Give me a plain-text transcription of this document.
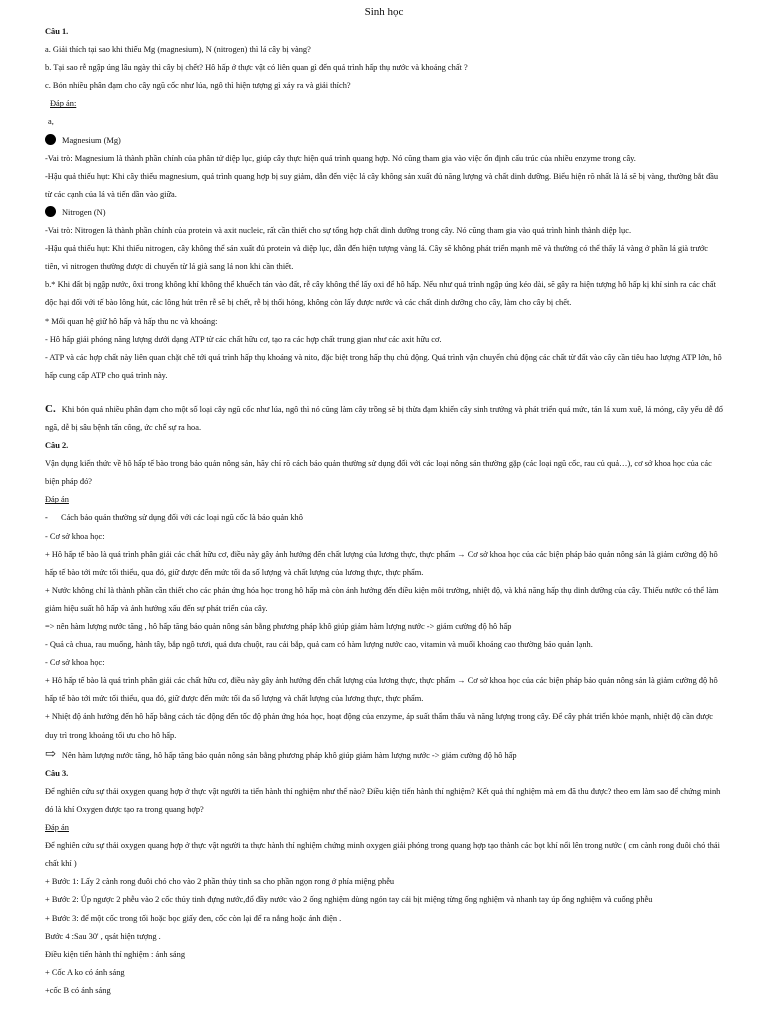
Sinh học
Câu 1.
a. Giải thích tại sao khi thiếu Mg (magnesium), N (nitrogen) thì lá cây bị vàng?
b. Tại sao rễ ngập úng lâu ngày thì cây bị chết? Hô hấp ở thực vật có liên quan gì đến quá trình hấp thụ nước và khoáng chất ?
c. Bón nhiều phân đạm cho cây ngũ cốc như lúa, ngô thì hiện tượng gì xảy ra và giải thích?
Đáp án:
a,
Magnesium (Mg)
-Vai trò: Magnesium là thành phần chính của phân tử diệp lục, giúp cây thực hiện quá trình quang hợp. Nó cũng tham gia vào việc ổn định cấu trúc của nhiều enzyme trong cây.
-Hậu quả thiếu hụt: Khi cây thiếu magnesium, quá trình quang hợp bị suy giảm, dẫn đến việc lá cây không sản xuất đủ năng lượng và chất dinh dưỡng. Biểu hiện rõ nhất là lá sẽ bị vàng, thường bắt đầu từ các cạnh của lá và tiến dần vào giữa.
Nitrogen (N)
-Vai trò: Nitrogen là thành phần chính của protein và axit nucleic, rất cần thiết cho sự tổng hợp chất dinh dưỡng trong cây. Nó cũng tham gia vào quá trình hình thành diệp lục.
-Hậu quả thiếu hụt: Khi thiếu nitrogen, cây không thể sản xuất đủ protein và diệp lục, dẫn đến hiện tượng vàng lá. Cây sẽ không phát triển mạnh mẽ và thường có thể thấy lá vàng ở phần lá già trước tiên, vì nitrogen thường được di chuyển từ lá già sang lá non khi cần thiết.
b.* Khi đất bị ngập nước, ôxi trong không khí không thể khuếch tán vào đất, rễ cây không thể lấy oxi để hô hấp. Nếu như quá trình ngập úng kéo dài, sẽ gây ra hiện tượng hô hấp kị khí sinh ra các chất độc hại đối với tế bào lông hút, các lông hút trên rễ sẽ bị chết, rễ bị thối hỏng, không còn lấy được nước và các chất dinh dưỡng cho cây, làm cho cây bị chết.
* Mối quan hệ giữ hô hấp và hấp thu nc và khoáng:
- Hô hấp giải phóng năng lượng dưới dạng ATP từ các chất hữu cơ, tạo ra các hợp chất trung gian như các axit hữu cơ.
- ATP và các hợp chất này liên quan chặt chẽ tới quá trình hấp thụ khoáng và nito, đặc biệt trong hấp thụ chủ động. Quá trình vận chuyển chủ động các chất từ đất vào cây cần tiêu hao lượng ATP lớn, hô hấp cung cấp ATP cho quá trình này.
C. Khi bón quá nhiều phân đạm cho một số loại cây ngũ cốc như lúa, ngô thì nó cũng làm cây trồng sẽ bị thừa đạm khiến cây sinh trưởng và phát triển quá mức, tán lá xum xuê, lá mỏng, cây yếu dễ đổ ngã, dễ bị sâu bệnh tấn công, ức chế sự ra hoa.
Câu 2.
Vận dụng kiến thức về hô hấp tế bào trong bảo quản nông sản, hãy chỉ rõ cách bảo quản thường sử dụng đối với các loại nông sản thường gặp (các loại ngũ cốc, rau củ quả…), cơ sở khoa học của các biện pháp đó?
Đáp án
- Cách bảo quản thường sử dụng đối với các loại ngũ cốc là bảo quản khô
- Cơ sở khoa học:
+ Hô hấp tế bào là quá trình phân giải các chất hữu cơ, điều này gây ảnh hưởng đến chất lượng của lương thực, thực phẩm → Cơ sở khoa học của các biện pháp bảo quản nông sản là giảm cường độ hô hấp tế bào tới mức tối thiểu, qua đó, giữ được đến mức tối đa số lượng và chất lượng của lương thực, thực phẩm.
+ Nước không chỉ là thành phần cần thiết cho các phản ứng hóa học trong hô hấp mà còn ảnh hưởng đến điều kiện môi trường, nhiệt độ, và khả năng hấp thụ dinh dưỡng của cây. Thiếu nước có thể làm giảm hiệu suất hô hấp và ảnh hưởng xấu đến sự phát triển của cây.
=> nên hàm lượng nước tăng , hô hấp tăng bảo quản nông sản bằng phương pháp khô giúp giảm hàm lượng nước -> giảm cường độ hô hấp
- Quả cà chua, rau muống, hành tây, bắp ngô tươi, quả dưa chuột, rau cải bắp, quả cam có hàm lượng nước cao, vitamin và muối khoáng cao thường bảo quản lạnh.
- Cơ sở khoa học:
+ Hô hấp tế bào là quá trình phân giải các chất hữu cơ, điều này gây ảnh hưởng đến chất lượng của lương thực, thực phẩm → Cơ sở khoa học của các biện pháp bảo quản nông sản là giảm cường độ hô hấp tế bào tới mức tối thiểu, qua đó, giữ được đến mức tối đa số lượng và chất lượng của lương thực, thực phẩm.
+ Nhiệt độ ảnh hưởng đến hô hấp bằng cách tác động đến tốc độ phản ứng hóa học, hoạt động của enzyme, áp suất thẩm thấu và năng lượng trong cây. Để cây phát triển khỏe mạnh, nhiệt độ cần được duy trì trong khoảng tối ưu cho hô hấp.
⇨ Nên hàm lượng nước tăng, hô hấp tăng bảo quản nông sản bằng phương pháp khô giúp giảm hàm lượng nước -> giảm cường độ hô hấp
Câu 3.
Để nghiên cứu sự thải oxygen quang hợp ở thực vật người ta tiến hành thí nghiệm như thế nào? Điều kiện tiến hành thí nghiệm? Kết quả thí nghiệm mà em đã thu được? theo em làm sao để chứng minh đó là khí Oxygen được tạo ra trong quang hợp?
Đáp án
Để nghiên cứu sự thải oxygen quang hợp ở thực vật người ta thực hành thí nghiệm chứng minh oxygen giải phóng trong quang hợp tạo thành các bọt khí nổi lên trong nước ( cm cành rong đuôi chó thải chất khí )
+ Bước 1: Lấy 2 cành rong đuôi chó cho vào 2 phần thủy tinh sa cho phần ngọn rong ở phía miệng phễu
+ Bước 2: Úp ngược 2 phễu vào 2 cốc thủy tinh đựng nước,đổ đầy nước vào 2 ống nghiệm dùng ngón tay cái bịt miệng từng ống nghiệm và nhanh tay úp ống nghiệm và cuống phễu
+ Bước 3: để một cốc trong tối hoặc bọc giấy đen, cốc còn lại để ra nắng hoặc ánh điện .
Bước 4 :Sau 30' , qsát hiện tượng .
Điều kiện tiến hành thí nghiệm : ánh sáng
+ Cốc A ko có ánh sáng
+cốc B có ánh sáng
